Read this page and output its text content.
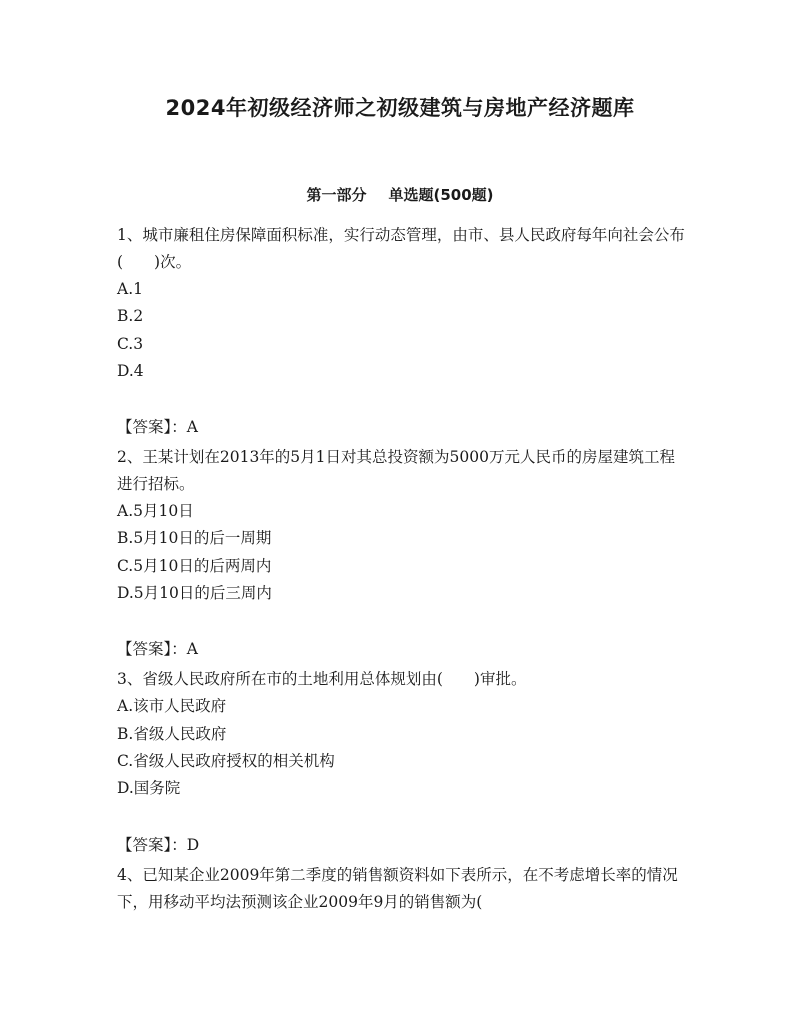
2024年初级经济师之初级建筑与房地产经济题库
第一部分 单选题(500题)

1、城市廉租住房保障面积标准，实行动态管理，由市、县人民政府每年向社会公布(　　)次。

A.1

B.2

C.3

D.4

【答案】：A

2、王某计划在2013年的5月1日对其总投资额为5000万元人民币的房屋建筑工程进行招标。

A.5月10日

B.5月10日的后一周期

C.5月10日的后两周内

D.5月10日的后三周内

【答案】：A

3、省级人民政府所在市的土地利用总体规划由(　　)审批。

A.该市人民政府

B.省级人民政府

C.省级人民政府授权的相关机构

D.国务院

【答案】：D

4、已知某企业2009年第二季度的销售额资料如下表所示，在不考虑增长率的情况下，用移动平均法预测该企业2009年9月的销售额为(
